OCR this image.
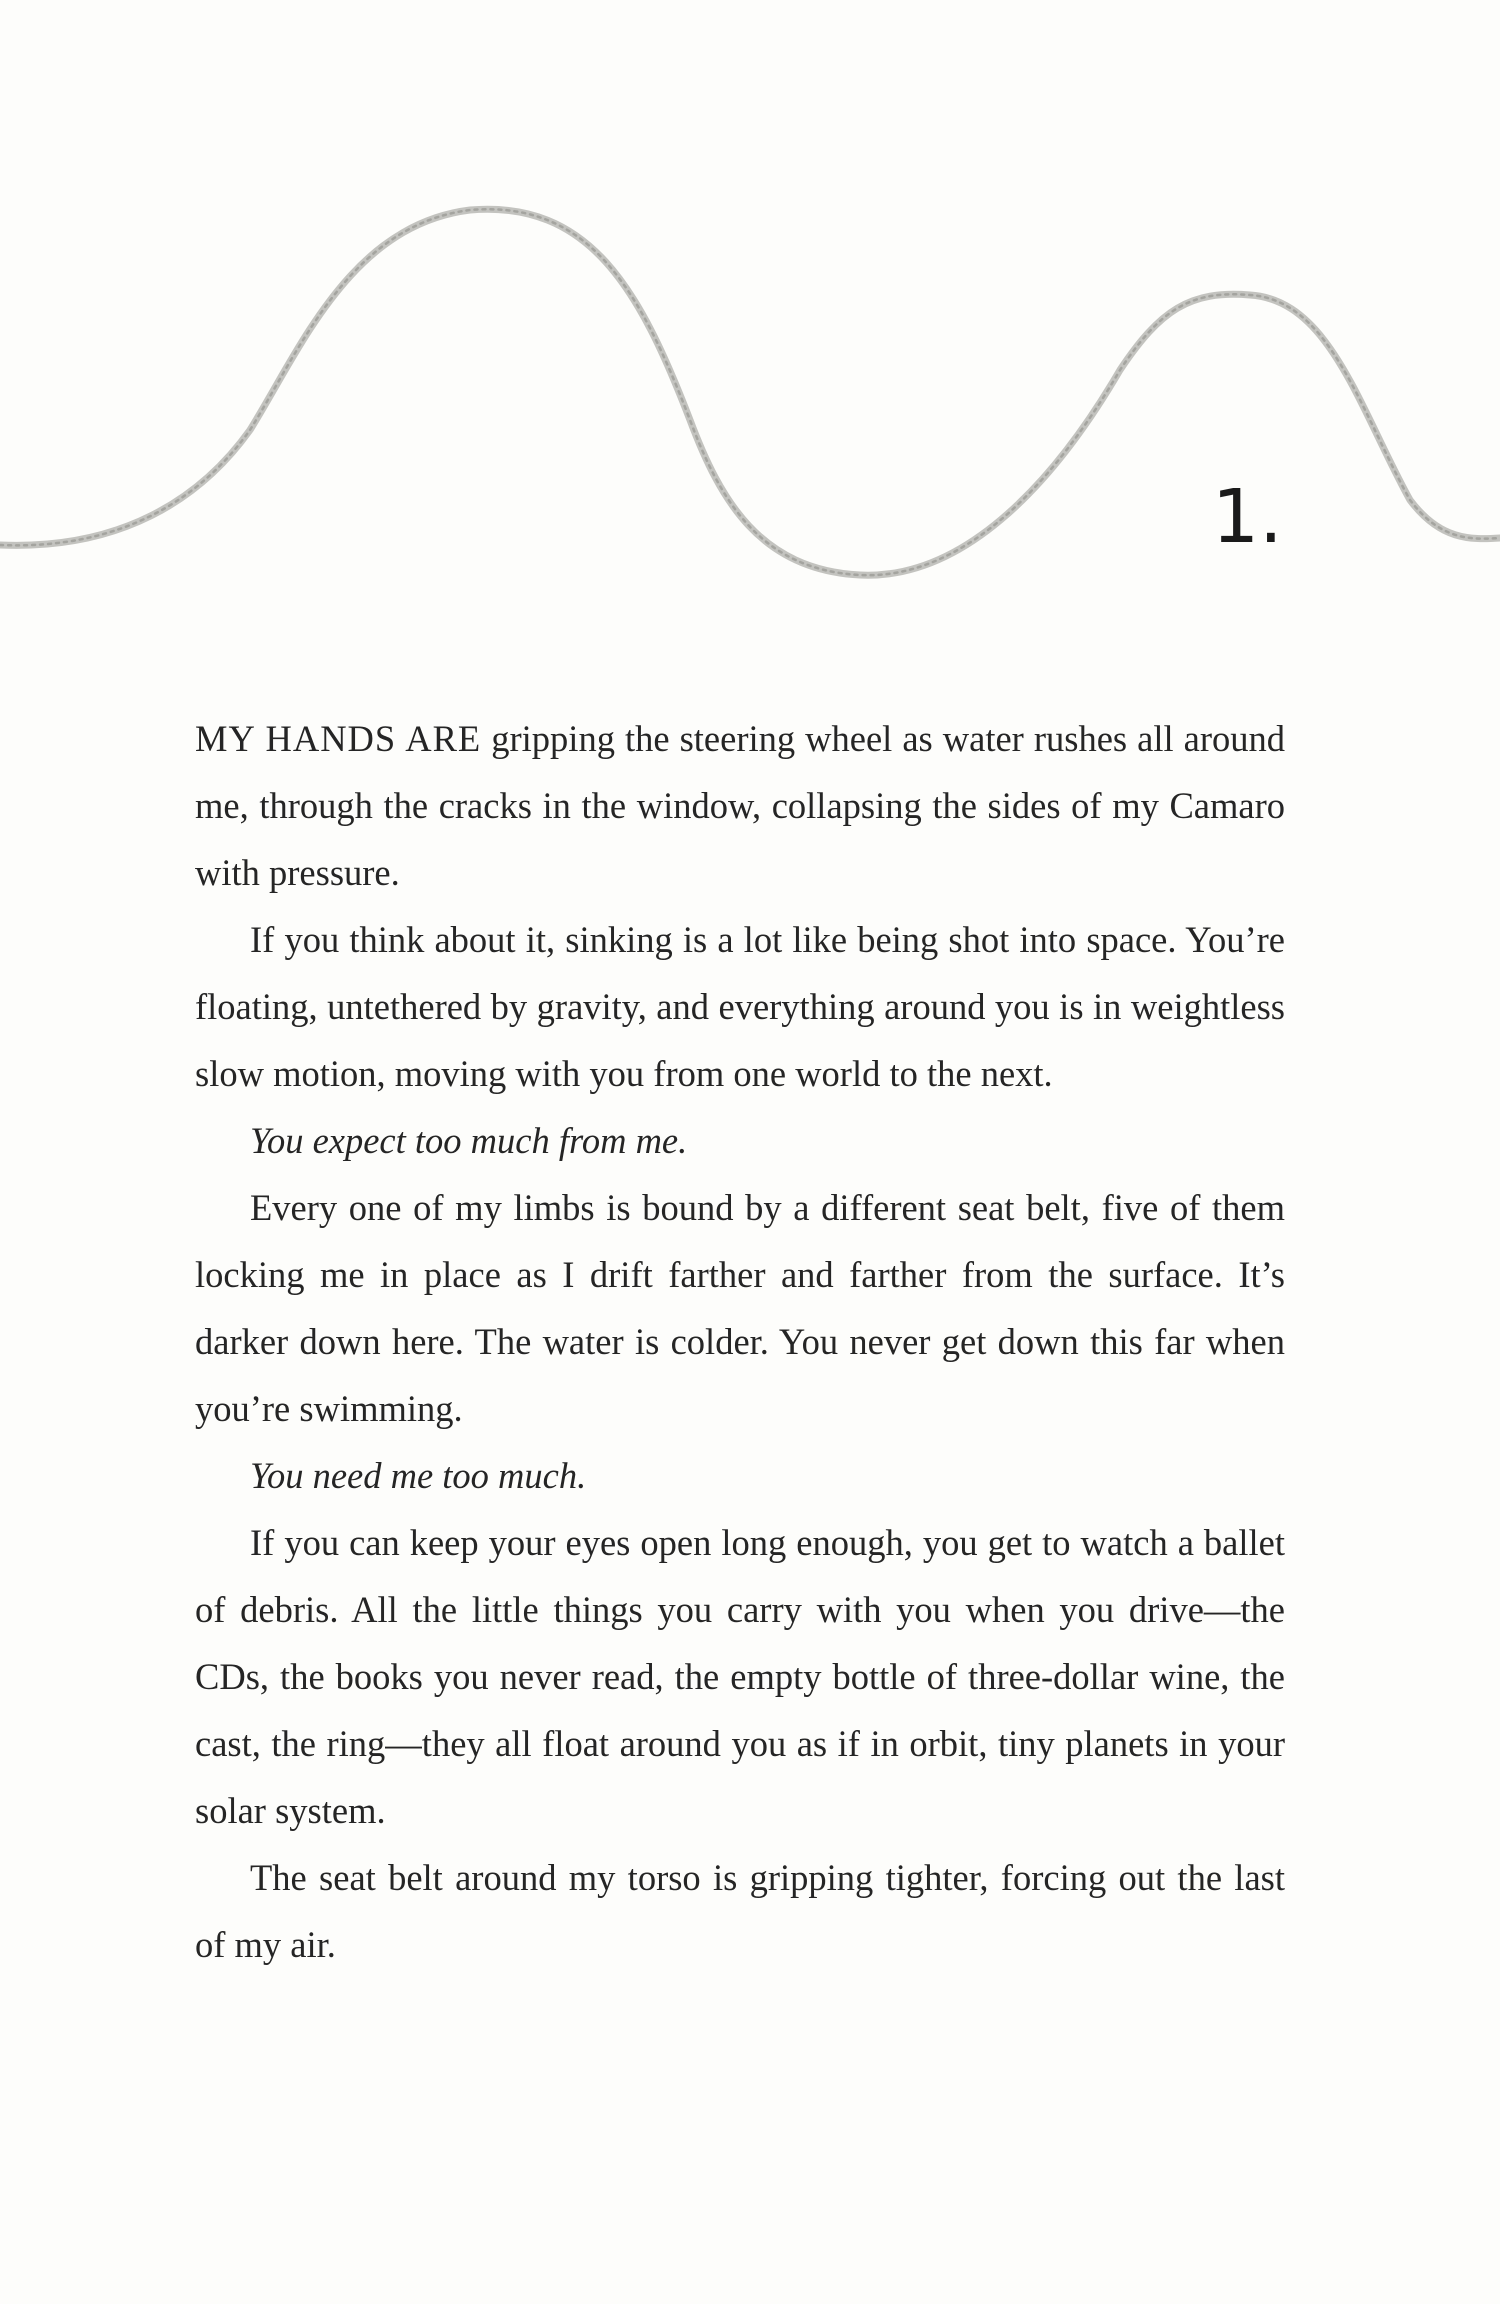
1.

MY HANDS ARE gripping the steering wheel as water rushes all around me, through the cracks in the window, collapsing the sides of my Camaro with pressure.

If you think about it, sinking is a lot like being shot into space. You’re floating, untethered by gravity, and everything around you is in weightless slow motion, moving with you from one world to the next.

You expect too much from me.

Every one of my limbs is bound by a different seat belt, five of them locking me in place as I drift farther and farther from the surface. It’s darker down here. The water is colder. You never get down this far when you’re swimming.

You need me too much.

If you can keep your eyes open long enough, you get to watch a ballet of debris. All the little things you carry with you when you drive—the CDs, the books you never read, the empty bottle of three-dollar wine, the cast, the ring—they all float around you as if in orbit, tiny planets in your solar system.

The seat belt around my torso is gripping tighter, forcing out the last of my air.
